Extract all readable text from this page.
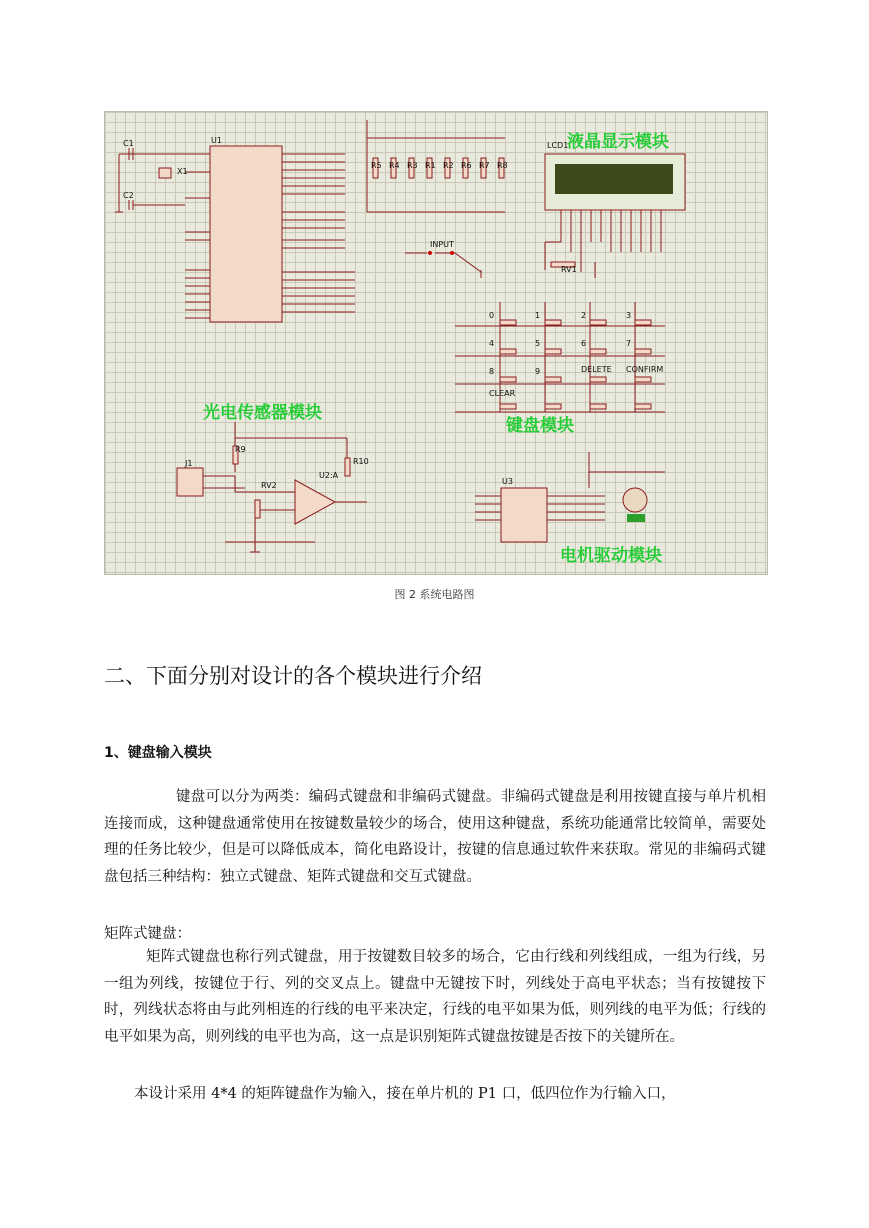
U1
C1
C2
X1
R5 R4 R3 R1 R2 R6 R7 R8
INPUT
LCD1
RV1
液晶显示模块
0	1	2	3
4	5	6	7
8	9	DELETE CONFIRM
CLEAR
键盘模块
光电传感器模块
R9
R10
J1
RV2
U2:A
U3
电机驱动模块
图 2 系统电路图
二、下面分别对设计的各个模块进行介绍
1、键盘输入模块

键盘可以分为两类：编码式键盘和非编码式键盘。非编码式键盘是利用按键直接与单片机相连接而成，这种键盘通常使用在按键数量较少的场合，使用这种键盘，系统功能通常比较简单，需要处理的任务比较少，但是可以降低成本，简化电路设计，按键的信息通过软件来获取。常见的非编码式键盘包括三种结构：独立式键盘、矩阵式键盘和交互式键盘。

矩阵式键盘：

矩阵式键盘也称行列式键盘，用于按键数目较多的场合，它由行线和列线组成，一组为行线，另一组为列线，按键位于行、列的交叉点上。键盘中无键按下时，列线处于高电平状态；当有按键按下时，列线状态将由与此列相连的行线的电平来决定，行线的电平如果为低，则列线的电平为低；行线的电平如果为高，则列线的电平也为高，这一点是识别矩阵式键盘按键是否按下的关键所在。

本设计采用 4*4 的矩阵键盘作为输入，接在单片机的 P1 口，低四位作为行输入口，
